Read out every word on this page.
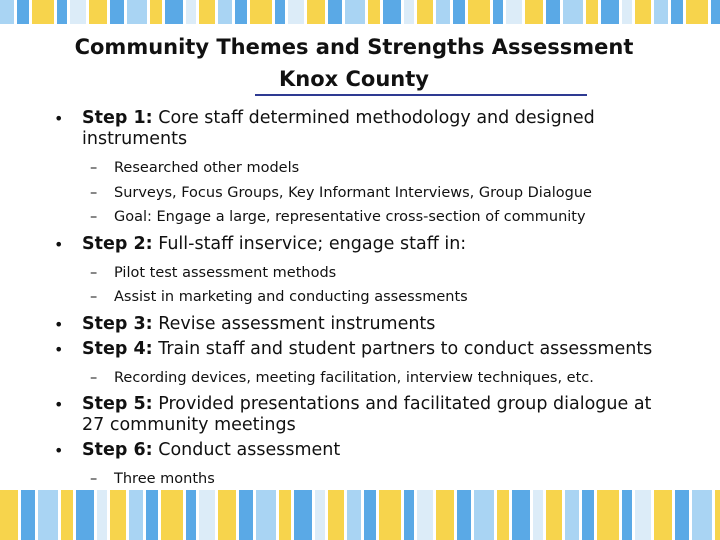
Community Themes and Strengths Assessment
Knox County
• Step 1: Core staff determined methodology and designed instruments
– Researched other models
– Surveys, Focus Groups, Key Informant Interviews, Group Dialogue
– Goal: Engage a large, representative cross-section of community
• Step 2: Full-staff inservice; engage staff in:
– Pilot test assessment methods
– Assist in marketing and conducting assessments
• Step 3: Revise assessment instruments
• Step 4: Train staff and student partners to conduct assessments
– Recording devices, meeting facilitation, interview techniques, etc.
• Step 5: Provided presentations and facilitated group dialogue at 27 community meetings
• Step 6: Conduct assessment
– Three months
